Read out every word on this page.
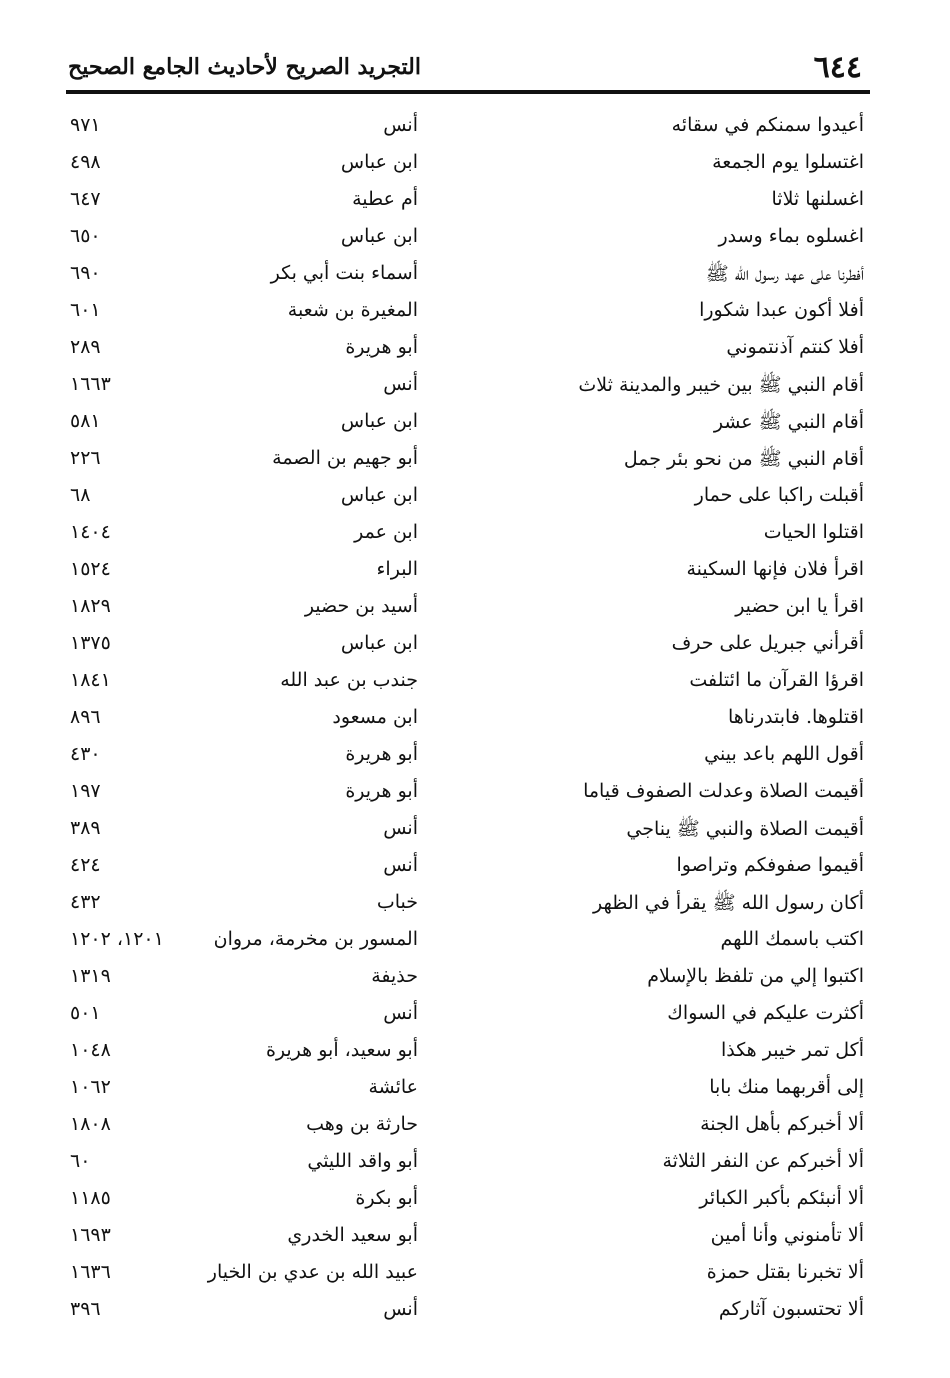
٦٤٤
التجريد الصريح لأحاديث الجامع الصحيح
أعيدوا سمنكم في سقائه
أنس
٩٧١
اغتسلوا يوم الجمعة
ابن عباس
٤٩٨
اغسلنها ثلاثا
أم عطية
٦٤٧
اغسلوه بماء وسدر
ابن عباس
٦٥٠
أفطرنا على عهد رسول الله ﷺ
أسماء بنت أبي بكر
٦٩٠
أفلا أكون عبدا شكورا
المغيرة بن شعبة
٦٠١
أفلا كنتم آذنتموني
أبو هريرة
٢٨٩
أقام النبي ﷺ بين خيبر والمدينة ثلاث
أنس
١٦٦٣
أقام النبي ﷺ عشر
ابن عباس
٥٨١
أقام النبي ﷺ من نحو بئر جمل
أبو جهيم بن الصمة
٢٢٦
أقبلت راكبا على حمار
ابن عباس
٦٨
اقتلوا الحيات
ابن عمر
١٤٠٤
اقرأ فلان فإنها السكينة
البراء
١٥٢٤
اقرأ يا ابن حضير
أسيد بن حضير
١٨٢٩
أقرأني جبريل على حرف
ابن عباس
١٣٧٥
اقرؤا القرآن ما ائتلفت
جندب بن عبد الله
١٨٤١
اقتلوها. فابتدرناها
ابن مسعود
٨٩٦
أقول اللهم باعد بيني
أبو هريرة
٤٣٠
أقيمت الصلاة وعدلت الصفوف قياما
أبو هريرة
١٩٧
أقيمت الصلاة والنبي ﷺ يناجي
أنس
٣٨٩
أقيموا صفوفكم وتراصوا
أنس
٤٢٤
أكان رسول الله ﷺ يقرأ في الظهر
خباب
٤٣٢
اكتب باسمك اللهم
المسور بن مخرمة، مروان
١٢٠١، ١٢٠٢
اكتبوا إلي من تلفظ بالإسلام
حذيفة
١٣١٩
أكثرت عليكم في السواك
أنس
٥٠١
أكل تمر خيبر هكذا
أبو سعيد، أبو هريرة
١٠٤٨
إلى أقربهما منك بابا
عائشة
١٠٦٢
ألا أخبركم بأهل الجنة
حارثة بن وهب
١٨٠٨
ألا أخبركم عن النفر الثلاثة
أبو واقد الليثي
٦٠
ألا أنبئكم بأكبر الكبائر
أبو بكرة
١١٨٥
ألا تأمنوني وأنا أمين
أبو سعيد الخدري
١٦٩٣
ألا تخبرنا بقتل حمزة
عبيد الله بن عدي بن الخيار
١٦٣٦
ألا تحتسبون آثاركم
أنس
٣٩٦
